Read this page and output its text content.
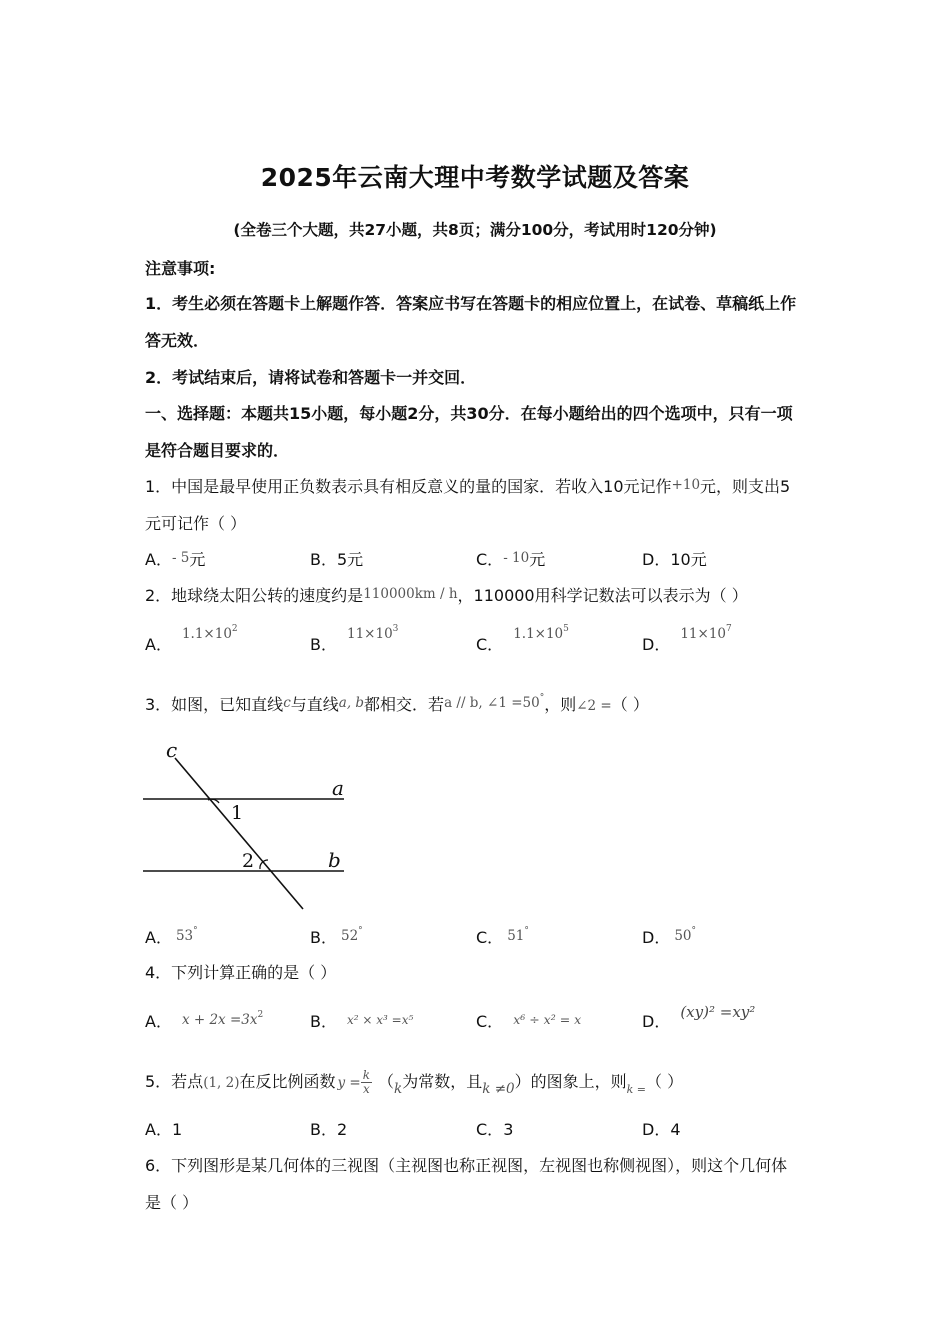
2025年云南大理中考数学试题及答案
(全卷三个大题，共27小题，共8页；满分100分，考试用时120分钟)
注意事项:
1．考生必须在答题卡上解题作答．答案应书写在答题卡的相应位置上，在试卷、草稿纸上作
答无效．
2．考试结束后，请将试卷和答题卡一并交回．
一、选择题：本题共15小题，每小题2分，共30分．在每小题给出的四个选项中，只有一项
是符合题目要求的．
1．中国是最早使用正负数表示具有相反意义的量的国家．若收入10元记作+10元，则支出5
元可记作（ ）
A．- 5元	B．5元	C．- 10元	D．10元
2．地球绕太阳公转的速度约是110000km / h，110000用科学记数法可以表示为（ ）
A．$^{1.1\times 10^2}$
B．$^{11\times 10^3}$
C．$^{1.1\times 10^5}$
D．$^{11\times 10^7}$
3．如图，已知直线c与直线a, b都相交．若a // b, ∠1 =50°，则∠2 =（ ）
c
a
b
1
2
A． 53°	B． 52°	C． 51°	D． 50°
4．下列计算正确的是（ ）
A． $x + 2x =3x^2$	B． x² × x³ =x⁵	C． x⁶ ÷ x² = x	D． (xy)² =xy²
5．若点(1, 2)在反比例函数 $y = \frac{k}{x} (_k$为常数，且$_{k \ne 0}$）的图象上，则$_{k =}$（ ）
A．1	B．2	C．3	D．4
6．下列图形是某几何体的三视图（主视图也称正视图，左视图也称侧视图），则这个几何体
是（ ）
